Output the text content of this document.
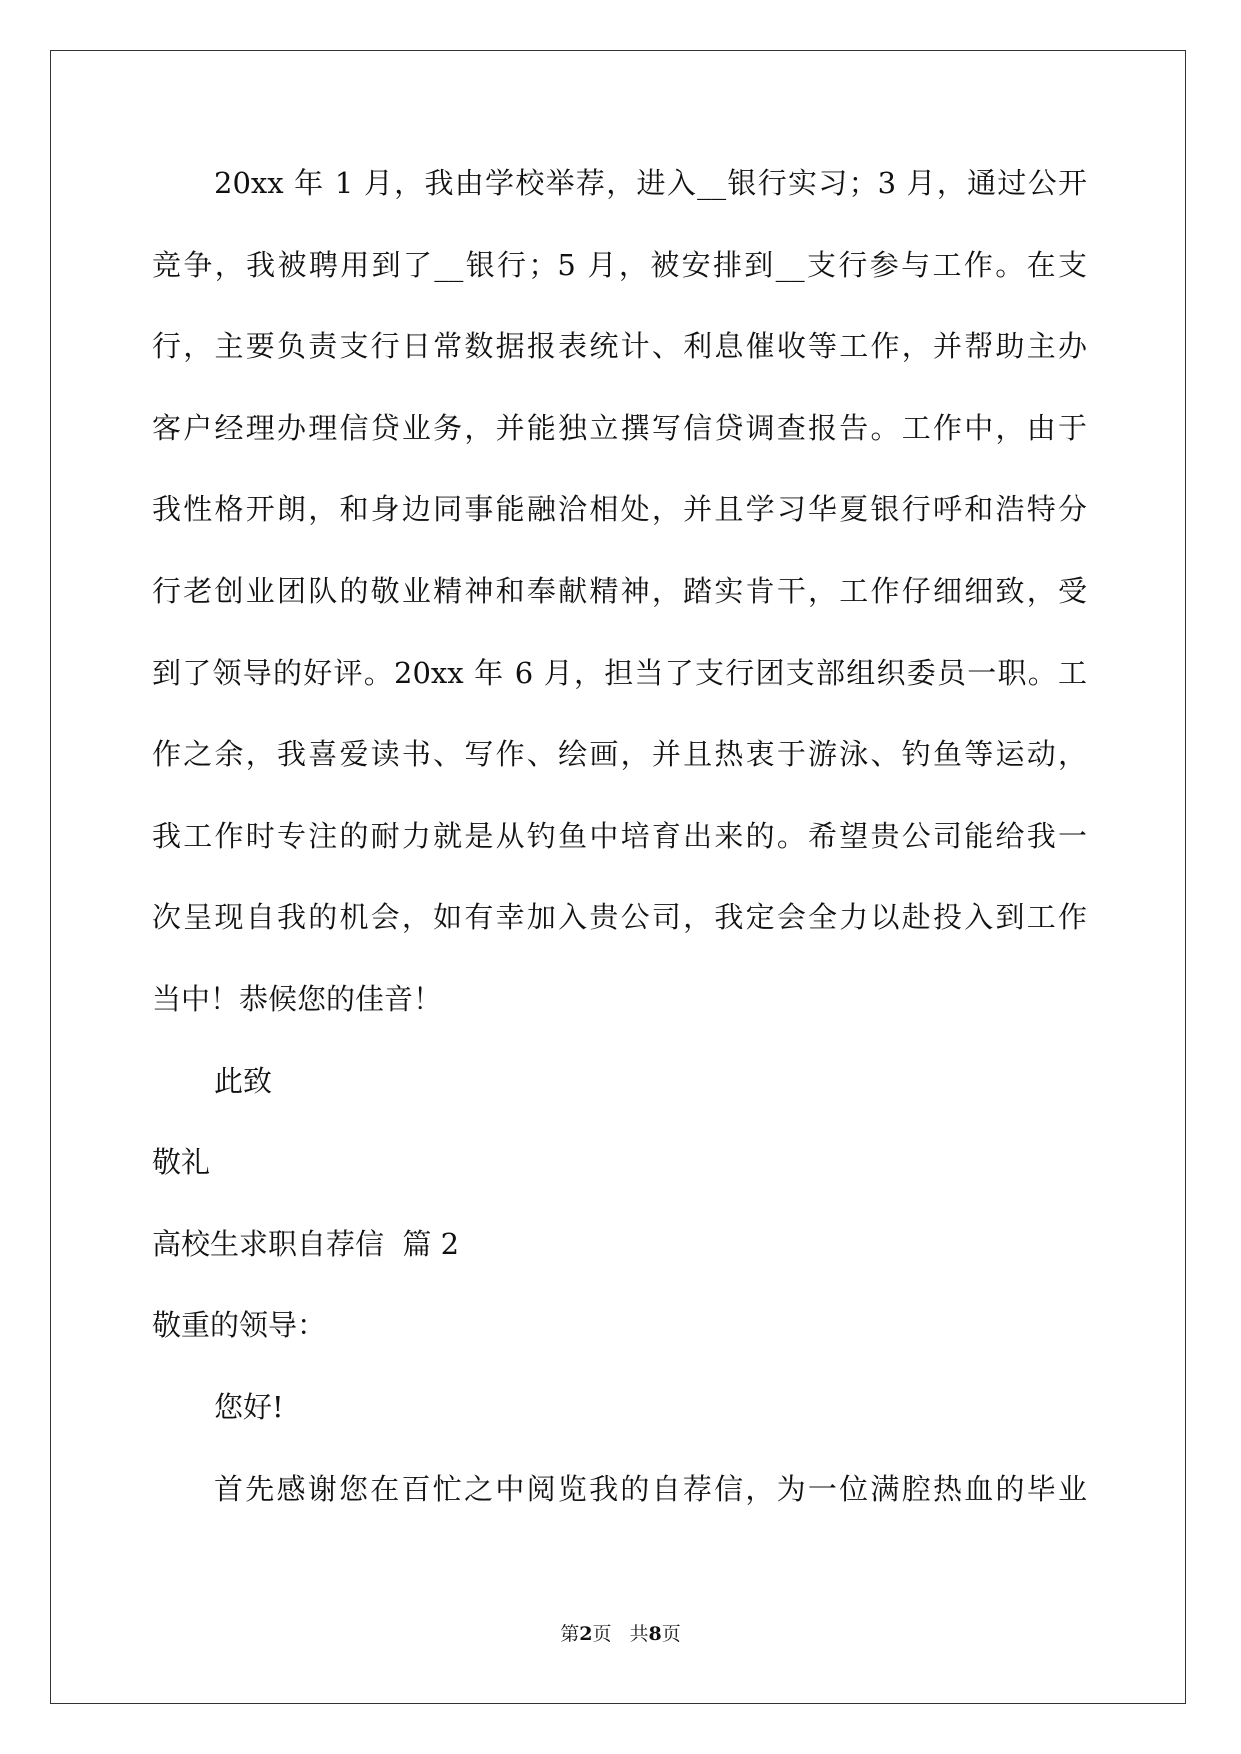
20xx 年 1 月，我由学校举荐，进入__银行实习；3 月，通过公开
竞争，我被聘用到了__银行；5 月，被安排到__支行参与工作。在支
行，主要负责支行日常数据报表统计、利息催收等工作，并帮助主办
客户经理办理信贷业务，并能独立撰写信贷调查报告。工作中，由于
我性格开朗，和身边同事能融洽相处，并且学习华夏银行呼和浩特分
行老创业团队的敬业精神和奉献精神，踏实肯干，工作仔细细致，受
到了领导的好评。20xx 年 6 月，担当了支行团支部组织委员一职。工
作之余，我喜爱读书、写作、绘画，并且热衷于游泳、钓鱼等运动，
我工作时专注的耐力就是从钓鱼中培育出来的。希望贵公司能给我一
次呈现自我的机会，如有幸加入贵公司，我定会全力以赴投入到工作
当中！恭候您的佳音！
此致
敬礼
高校生求职自荐信  篇 2
敬重的领导：
您好!
首先感谢您在百忙之中阅览我的自荐信，为一位满腔热血的毕业
第2页 共8页
